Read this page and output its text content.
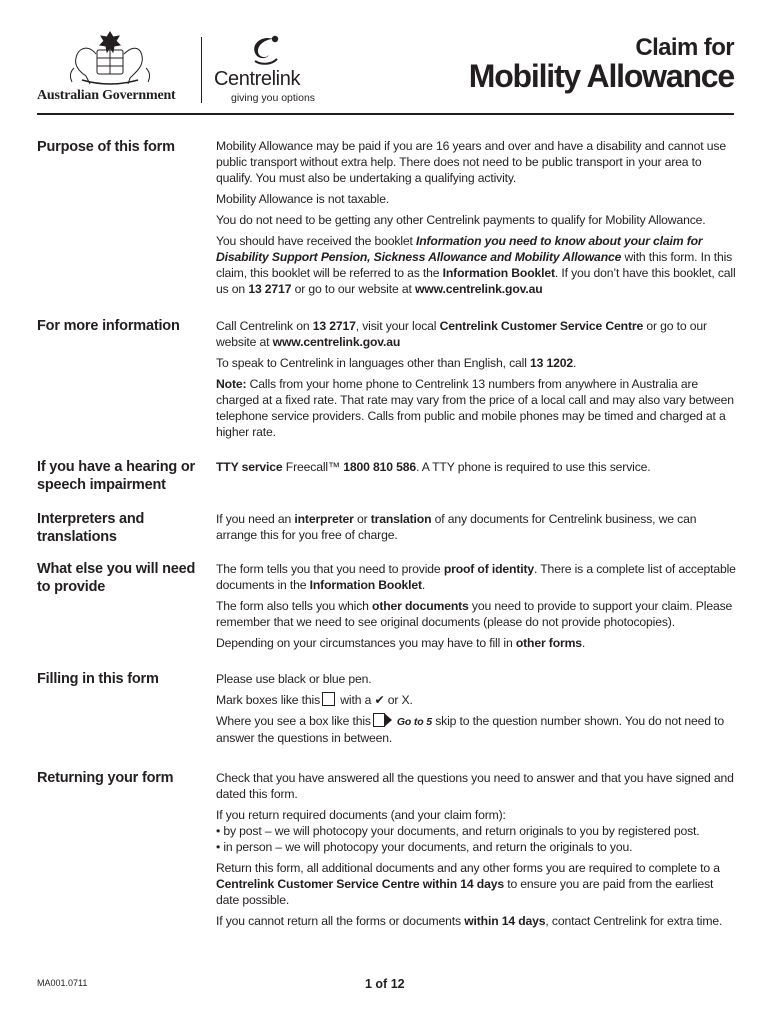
Australian Government
Centrelink
giving you options
Claim for
Mobility Allowance
Purpose of this form	Mobility Allowance may be paid if you are 16 years and over and have a disability and cannot use public transport without extra help. There does not need to be public transport in your area to qualify. You must also be undertaking a qualifying activity.

Mobility Allowance is not taxable.

You do not need to be getting any other Centrelink payments to qualify for Mobility Allowance.

You should have received the booklet Information you need to know about your claim for Disability Support Pension, Sickness Allowance and Mobility Allowance with this form. In this claim, this booklet will be referred to as the Information Booklet. If you don’t have this booklet, call us on 13 2717 or go to our website at www.centrelink.gov.au

For more information	Call Centrelink on 13 2717, visit your local Centrelink Customer Service Centre or go to our website at www.centrelink.gov.au

To speak to Centrelink in languages other than English, call 13 1202.

Note: Calls from your home phone to Centrelink 13 numbers from anywhere in Australia are charged at a fixed rate. That rate may vary from the price of a local call and may also vary between telephone service providers. Calls from public and mobile phones may be timed and charged at a higher rate.

If you have a hearing or speech impairment

TTY service Freecall™ 1800 810 586. A TTY phone is required to use this service.

Interpreters and translations

If you need an interpreter or translation of any documents for Centrelink business, we can arrange this for you free of charge.

What else you will need to provide

The form tells you that you need to provide proof of identity. There is a complete list of acceptable documents in the Information Booklet.

The form also tells you which other documents you need to provide to support your claim. Please remember that we need to see original documents (please do not provide photocopies).

Depending on your circumstances you may have to fill in other forms.

Filling in this form	Please use black or blue pen.

Mark boxes like this with a ✔ or X.

Where you see a box like this Go to 5 skip to the question number shown. You do not need to answer the questions in between.

Returning your form	Check that you have answered all the questions you need to answer and that you have signed and dated this form.

If you return required documents (and your claim form):

• by post – we will photocopy your documents, and return originals to you by registered post.
• in person – we will photocopy your documents, and return the originals to you.

Return this form, all additional documents and any other forms you are required to complete to a Centrelink Customer Service Centre within 14 days to ensure you are paid from the earliest date possible.

If you cannot return all the forms or documents within 14 days, contact Centrelink for extra time.

MA001.0711	1 of 12
